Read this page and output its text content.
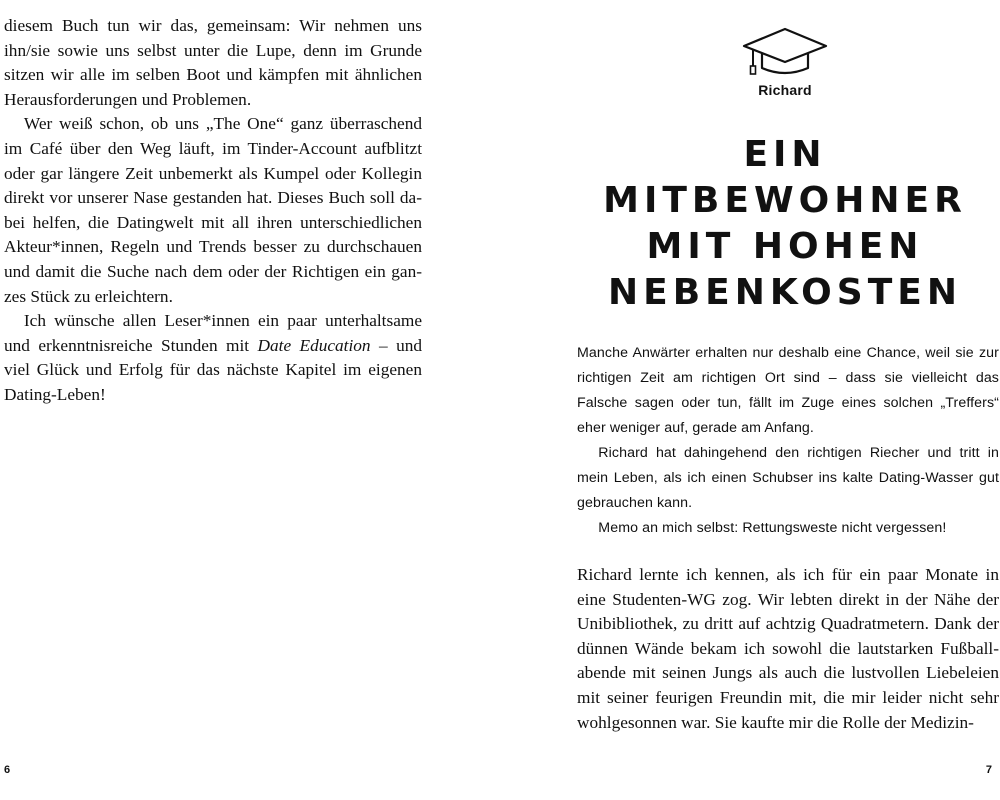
diesem Buch tun wir das, gemeinsam: Wir nehmen uns ihn/sie sowie uns selbst unter die Lupe, denn im Grunde sitzen wir alle im selben Boot und kämpfen mit ähnlichen Herausforderungen und Problemen.

Wer weiß schon, ob uns „The One“ ganz überraschend im Café über den Weg läuft, im Tinder-Account aufblitzt oder gar längere Zeit unbemerkt als Kumpel oder Kollegin direkt vor unserer Nase gestanden hat. Dieses Buch soll dabei helfen, die Datingwelt mit all ihren unterschiedlichen Akteur*innen, Regeln und Trends besser zu durchschauen und damit die Suche nach dem oder der Richtigen ein ganzes Stück zu erleichtern.

Ich wünsche allen Leser*innen ein paar unterhaltsame und erkenntnisreiche Stunden mit Date Education – und viel Glück und Erfolg für das nächste Kapitel im eigenen Dating-Leben!

6
Richard
EIN MITBEWOHNER
MIT HOHEN
NEBENKOSTEN

Manche Anwärter erhalten nur deshalb eine Chance, weil sie zur richtigen Zeit am richtigen Ort sind – dass sie vielleicht das Falsche sagen oder tun, fällt im Zuge eines solchen „Treffers“ eher weniger auf, gerade am Anfang.

Richard hat dahingehend den richtigen Riecher und tritt in mein Leben, als ich einen Schubser ins kalte Dating-Wasser gut gebrauchen kann.

Memo an mich selbst: Rettungsweste nicht vergessen!

Richard lernte ich kennen, als ich für ein paar Monate in eine Studenten-WG zog. Wir lebten direkt in der Nähe der Unibibliothek, zu dritt auf achtzig Quadratmetern. Dank der dünnen Wände bekam ich sowohl die lautstarken Fußballabende mit seinen Jungs als auch die lustvollen Liebeleien mit seiner feurigen Freundin mit, die mir leider nicht sehr wohlgesonnen war. Sie kaufte mir die Rolle der Medizin-

7
